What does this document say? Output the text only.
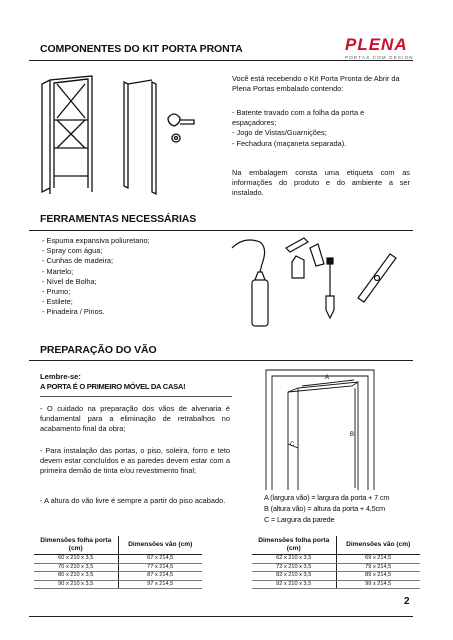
COMPONENTES DO KIT PORTA PRONTA	PLENA
PORTAS COM DESIGN
Você está recebendo o Kit Porta Pronta de Abrir da Plena Portas embalado contendo:
- Batente travado com a folha da porta e espaçadores;
- Jogo de Vistas/Guarnições;
- Fechadura (maçaneta separada).
Na embalagem consta uma etiqueta com as informações do produto e do ambiente a ser instalado.
FERRAMENTAS NECESSÁRIAS
- Espuma expansiva poliuretano;
- Spray com água;
- Cunhas de madeira;
- Martelo;
- Nível de Bolha;
- Prumo;
- Estilete;
- Pinadeira / Pinos.
PREPARAÇÃO DO VÃO
Lembre-se:
A PORTA É O PRIMEIRO MÓVEL DA CASA!
- O cuidado na preparação dos vãos de alvenaria é fundamental para a eliminação de retrabalhos no acabamento final da obra;
- Para instalação das portas, o piso, soleira, forro e teto devem estar concluídos e as paredes devem estar com a primeira demão de tinta e/ou revestimento final;
- A altura do vão livre é sempre a partir do piso acabado.
A
B
C
A (largura vão) = largura da porta + 7 cm
B (altura vão) = altura da porta + 4,5cm
C = Largura da parede
Dimensões folha porta (cm)	Dimensões vão (cm)
60 x 210 x 3,5	67 x 214,5
70 x 210 x 3,5	77 x 214,5
80 x 210 x 3,5	87 x 214,5
90 x 210 x 3,5	97 x 214,5
Dimensões folha porta (cm)	Dimensões vão (cm)
62 x 210 x 3,5	69 x 214,5
72 x 210 x 3,5	79 x 214,5
82 x 210 x 3,5	89 x 214,5
92 x 210 x 3,5	99 x 214,5
2
